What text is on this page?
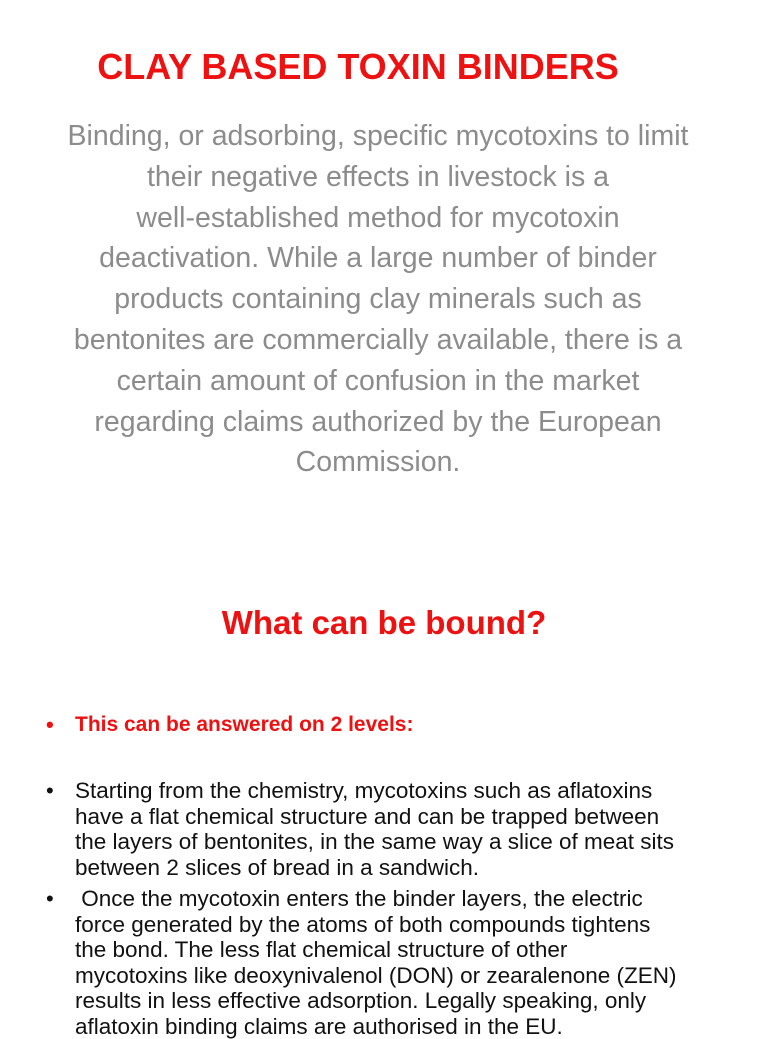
CLAY BASED TOXIN BINDERS

Binding, or adsorbing, specific mycotoxins to limit
their negative effects in livestock is a
well-established method for mycotoxin
deactivation. While a large number of binder
products containing clay minerals such as
bentonites are commercially available, there is a
certain amount of confusion in the market
regarding claims authorized by the European
Commission.

What can be bound?
• This can be answered on 2 levels:
• Starting from the chemistry, mycotoxins such as aflatoxins
have a flat chemical structure and can be trapped between
the layers of bentonites, in the same way a slice of meat sits
between 2 slices of bread in a sandwich.
• Once the mycotoxin enters the binder layers, the electric
force generated by the atoms of both compounds tightens
the bond. The less flat chemical structure of other
mycotoxins like deoxynivalenol (DON) or zearalenone (ZEN)
results in less effective adsorption. Legally speaking, only
aflatoxin binding claims are authorised in the EU.
